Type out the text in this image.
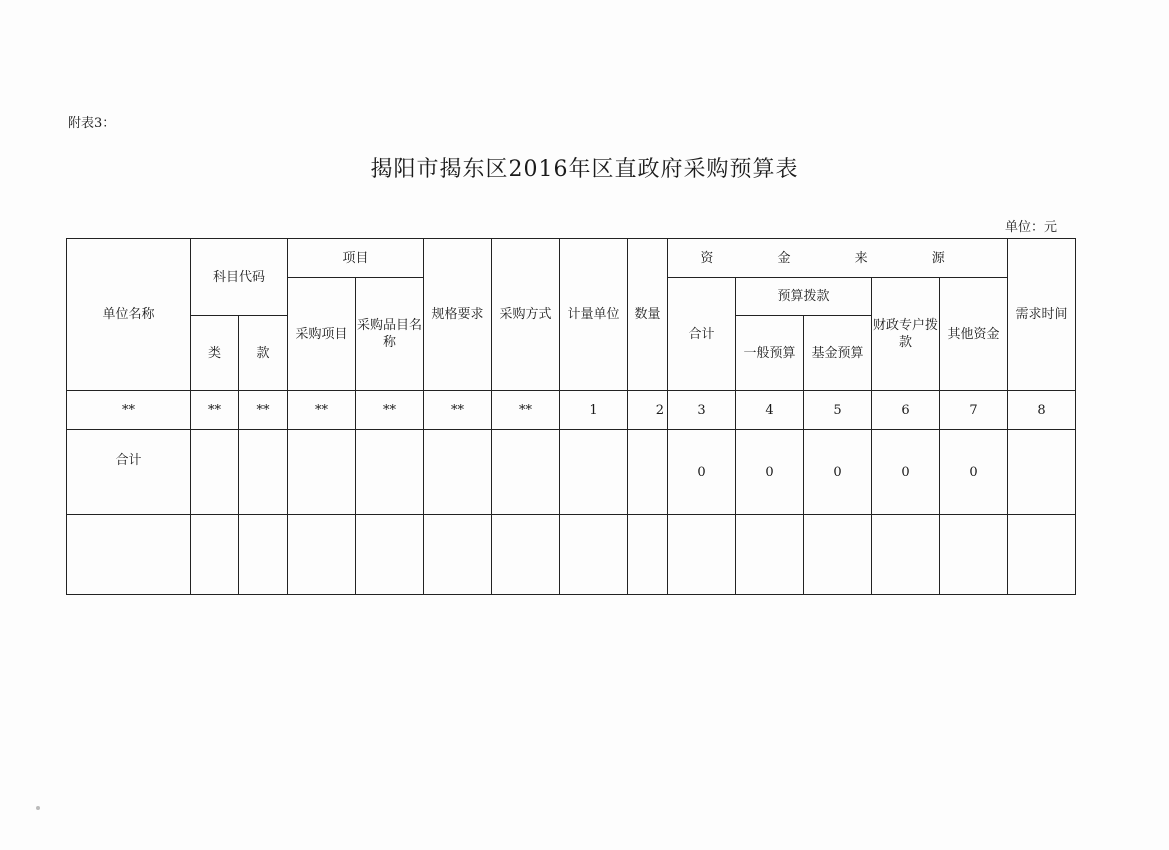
附表3：
揭阳市揭东区2016年区直政府采购预算表
单位：元
单位名称	科目代码		项目		规格要求	采购方式	计量单位	数量	资 金 来 源					需求时间
			采购项目	采购品目名称					合计	预算拨款		财政专户拨款	其他资金	
	类	款								一般预算	基金预算			
**	**	**	**	**	**	**	1	2	3	4	5	6	7	8
合计									0	0	0	0	0	
